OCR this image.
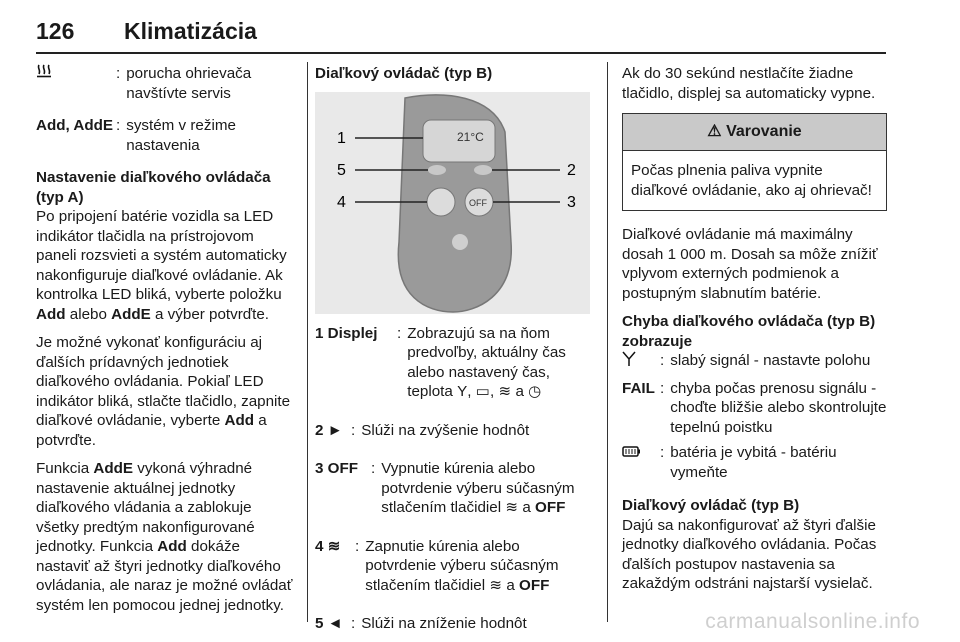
126 Klimatizácia
: porucha ohrievača navštívte servis
Add, AddE : systém v režime nastavenia

Nastavenie diaľkového ovládača (typ A)

Po pripojení batérie vozidla sa LED indikátor tlačidla na prístrojovom paneli rozsvieti a systém automaticky nakonfiguruje diaľkové ovládanie. Ak kontrolka LED bliká, vyberte položku Add alebo AddE a výber potvrďte.

Je možné vykonať konfiguráciu aj ďalších prídavných jednotiek diaľkového ovládania. Pokiaľ LED indikátor bliká, stlačte tlačidlo, zapnite diaľkové ovládanie, vyberte Add a potvrďte.

Funkcia AddE vykoná výhradné nastavenie aktuálnej jednotky diaľkového vládania a zablokuje všetky predtým nakonfigurované jednotky. Funkcia Add dokáže nastaviť až štyri jednotky diaľkového ovládania, ale naraz je možné ovládať systém len pomocou jednej jednotky.

Diaľkový ovládač (typ B)

21°C
OFF
1
2
3
4
5
1 Displej	: Zobrazujú sa na ňom predvoľby, aktuálny čas alebo nastavený čas, teplota Y, ▭, ≋ a ◷
2 ► : Slúži na zvýšenie hodnôt
3 OFF : Vypnutie kúrenia alebo potvrdenie výberu súčasným stlačením tlačidiel ≋ a OFF
4 ≋ : Zapnutie kúrenia alebo potvrdenie výberu súčasným stlačením tlačidiel ≋ a OFF
5 ◄ : Slúži na zníženie hodnôt

Ak do 30 sekúnd nestlačíte žiadne tlačidlo, displej sa automaticky vypne.

⚠ Varovanie
Počas plnenia paliva vypnite diaľkové ovládanie, ako aj ohrievač!

Diaľkové ovládanie má maximálny dosah 1 000 m. Dosah sa môže znížiť vplyvom externých podmienok a postupným slabnutím batérie.

Chyba diaľkového ovládača (typ B) zobrazuje

: slabý signál - nastavte polohu
FAIL : chyba počas prenosu signálu - choďte bližšie alebo skontrolujte tepelnú poistku
: batéria je vybitá - batériu vymeňte

Diaľkový ovládač (typ B)

Dajú sa nakonfigurovať až štyri ďalšie jednotky diaľkového ovládania. Počas ďalších postupov nastavenia sa zakaždým odstráni najstarší vysielač.

carmanualsonline.info
